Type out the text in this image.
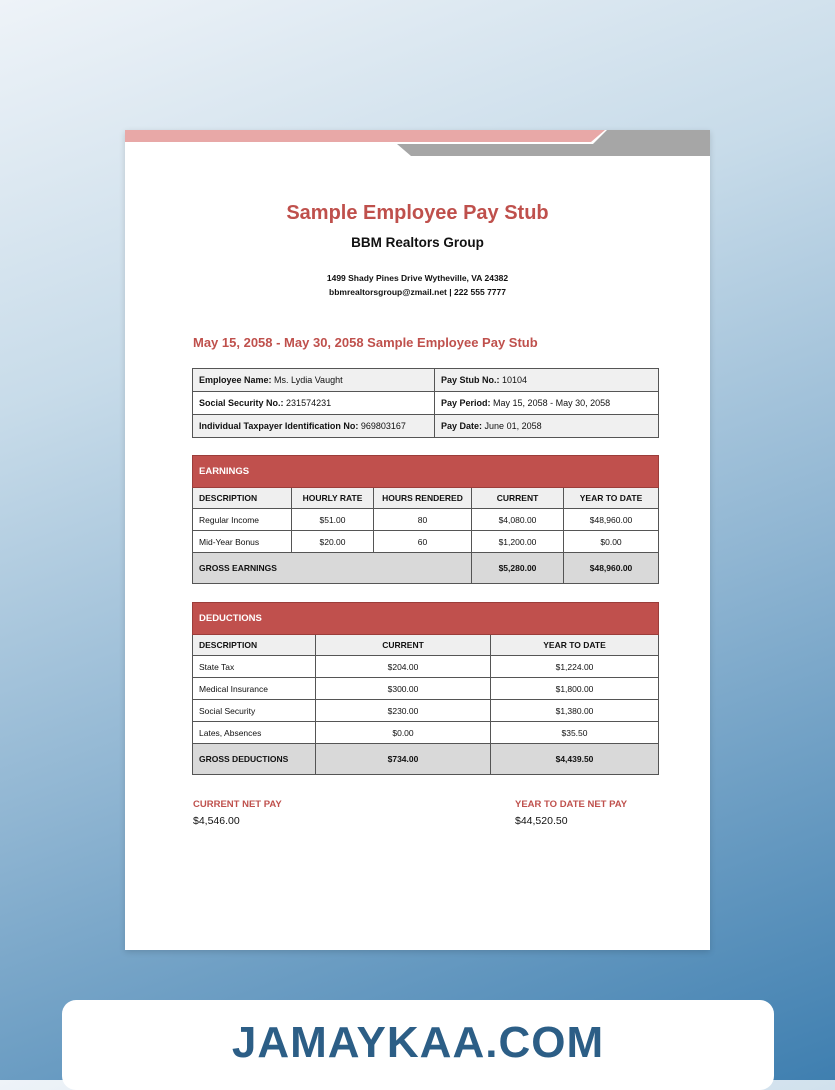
Sample Employee Pay Stub
BBM Realtors Group
1499 Shady Pines Drive Wytheville, VA 24382
bbmrealtorsgroup@zmail.net | 222 555 7777
May 15, 2058 - May 30, 2058 Sample Employee Pay Stub
Employee Name: Ms. Lydia Vaught	Pay Stub No.: 10104
Social Security No.: 231574231	Pay Period: May 15, 2058 - May 30, 2058
Individual Taxpayer Identification No: 969803167	Pay Date: June 01, 2058
EARNINGS				
DESCRIPTION	HOURLY RATE	HOURS RENDERED	CURRENT	YEAR TO DATE
Regular Income	$51.00	80	$4,080.00	$48,960.00
Mid-Year Bonus	$20.00	60	$1,200.00	$0.00
GROSS EARNINGS			$5,280.00	$48,960.00
DEDUCTIONS		
DESCRIPTION	CURRENT	YEAR TO DATE
State Tax	$204.00	$1,224.00
Medical Insurance	$300.00	$1,800.00
Social Security	$230.00	$1,380.00
Lates, Absences	$0.00	$35.50
GROSS DEDUCTIONS	$734.00	$4,439.50
CURRENT NET PAY
$4,546.00
YEAR TO DATE NET PAY
$44,520.50
JAMAYKAA.COM
